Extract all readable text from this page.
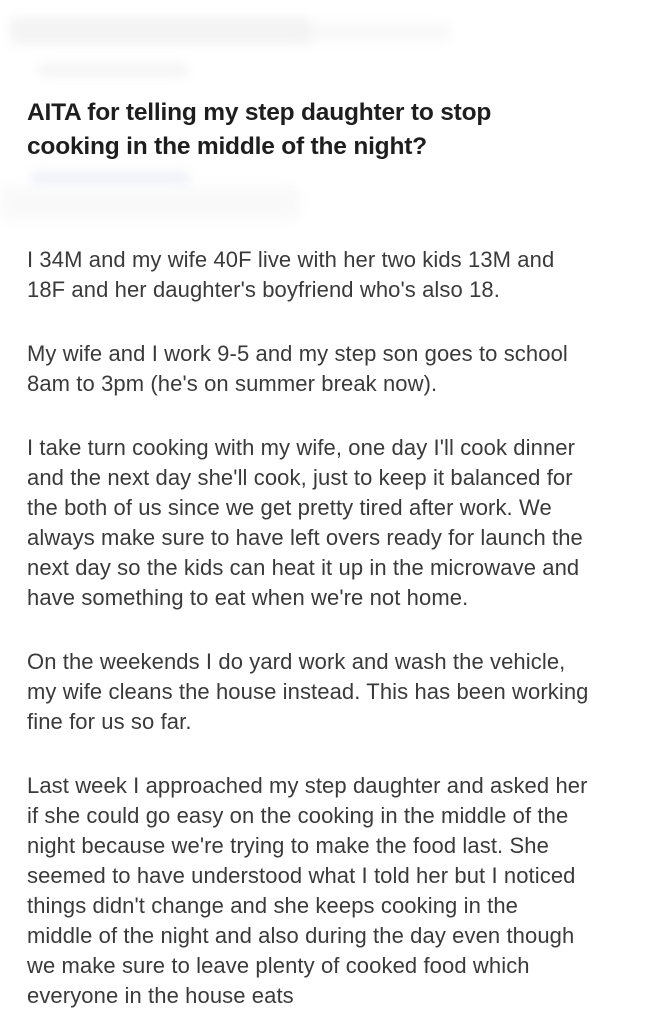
AITA for telling my step daughter to stop cooking in the middle of the night?

I 34M and my wife 40F live with her two kids 13M and 18F and her daughter's boyfriend who's also 18.

My wife and I work 9-5 and my step son goes to school 8am to 3pm (he's on summer break now).

I take turn cooking with my wife, one day I'll cook dinner and the next day she'll cook, just to keep it balanced for the both of us since we get pretty tired after work. We always make sure to have left overs ready for launch the next day so the kids can heat it up in the microwave and have something to eat when we're not home.

On the weekends I do yard work and wash the vehicle, my wife cleans the house instead. This has been working fine for us so far.

Last week I approached my step daughter and asked her if she could go easy on the cooking in the middle of the night because we're trying to make the food last. She seemed to have understood what I told her but I noticed things didn't change and she keeps cooking in the middle of the night and also during the day even though we make sure to leave plenty of cooked food which everyone in the house eats
